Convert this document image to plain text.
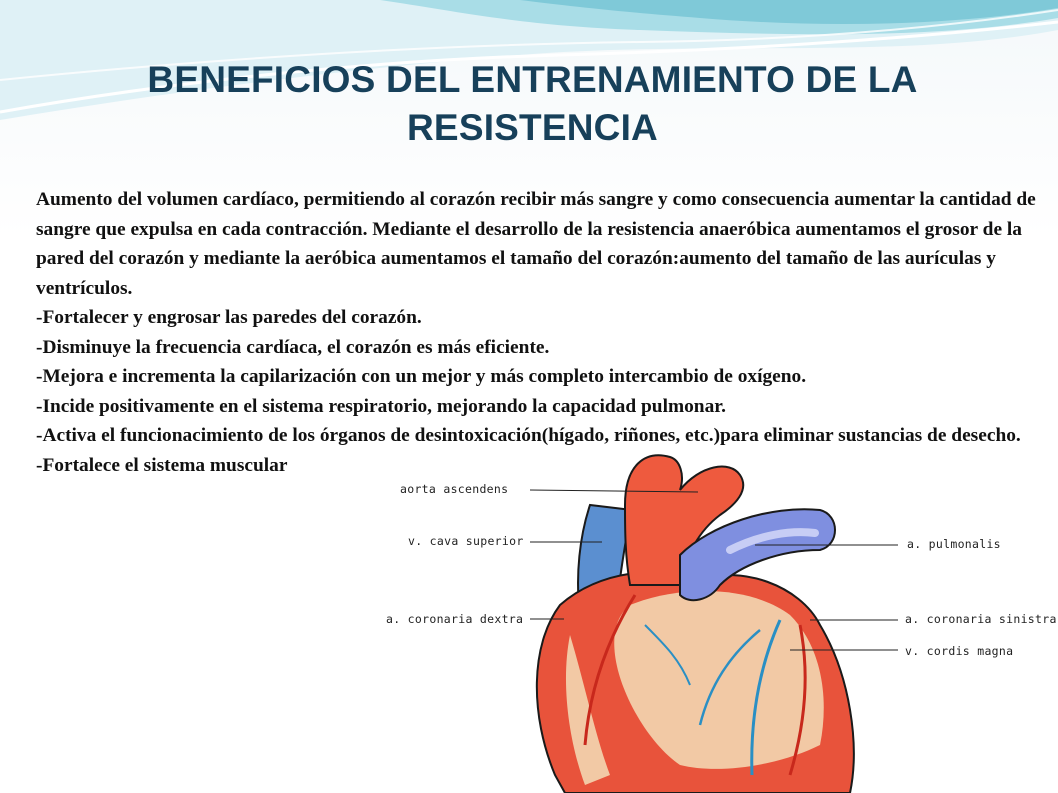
BENEFICIOS DEL ENTRENAMIENTO DE LA RESISTENCIA

Aumento del volumen cardíaco, permitiendo al corazón recibir más sangre y como consecuencia aumentar la cantidad de sangre que expulsa en cada contracción. Mediante el desarrollo de la resistencia anaeróbica aumentamos el grosor de la pared del corazón y mediante la aeróbica aumentamos el tamaño del corazón:aumento del tamaño de las aurículas y ventrículos.

-Fortalecer y engrosar las paredes del corazón.

-Disminuye la frecuencia cardíaca, el corazón es más eficiente.

-Mejora e incrementa la capilarización con un mejor y más completo intercambio de oxígeno.

-Incide positivamente en el sistema respiratorio, mejorando la capacidad pulmonar.

-Activa el funcionacimiento de los órganos de desintoxicación(hígado, riñones, etc.)para eliminar sustancias de desecho.

-Fortalece el sistema muscular

aorta ascendens
v. cava superior
a. coronaria dextra
a. pulmonalis
a. coronaria sinistra
v. cordis magna
